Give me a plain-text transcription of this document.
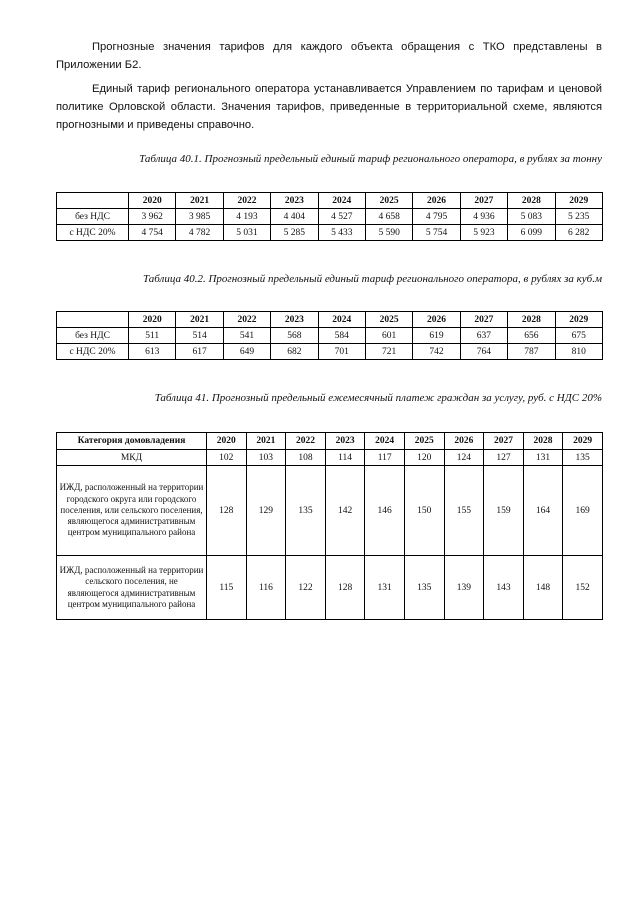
Прогнозные значения тарифов для каждого объекта обращения с ТКО представлены в Приложении Б2.

Единый тариф регионального оператора устанавливается Управлением по тарифам и ценовой политике Орловской области. Значения тарифов, приведенные в территориальной схеме, являются прогнозными и приведены справочно.

Таблица 40.1. Прогнозный предельный единый тариф регионального оператора, в рублях за тонну
	2020	2021	2022	2023	2024	2025	2026	2027	2028	2029
без НДС	3 962	3 985	4 193	4 404	4 527	4 658	4 795	4 936	5 083	5 235
с НДС 20%	4 754	4 782	5 031	5 285	5 433	5 590	5 754	5 923	6 099	6 282
Таблица 40.2. Прогнозный предельный единый тариф регионального оператора, в рублях за куб.м
	2020	2021	2022	2023	2024	2025	2026	2027	2028	2029
без НДС	511	514	541	568	584	601	619	637	656	675
с НДС 20%	613	617	649	682	701	721	742	764	787	810
Таблица 41. Прогнозный предельный ежемесячный платеж граждан за услугу, руб. с НДС 20%
Категория домовладения	2020	2021	2022	2023	2024	2025	2026	2027	2028	2029
МКД	102	103	108	114	117	120	124	127	131	135
ИЖД, расположенный на территории городского округа или городского поселения, или сельского поселения, являющегося административным центром муниципального района	128	129	135	142	146	150	155	159	164	169
ИЖД, расположенный на территории сельского поселения, не являющегося административным центром муниципального района	115	116	122	128	131	135	139	143	148	152
